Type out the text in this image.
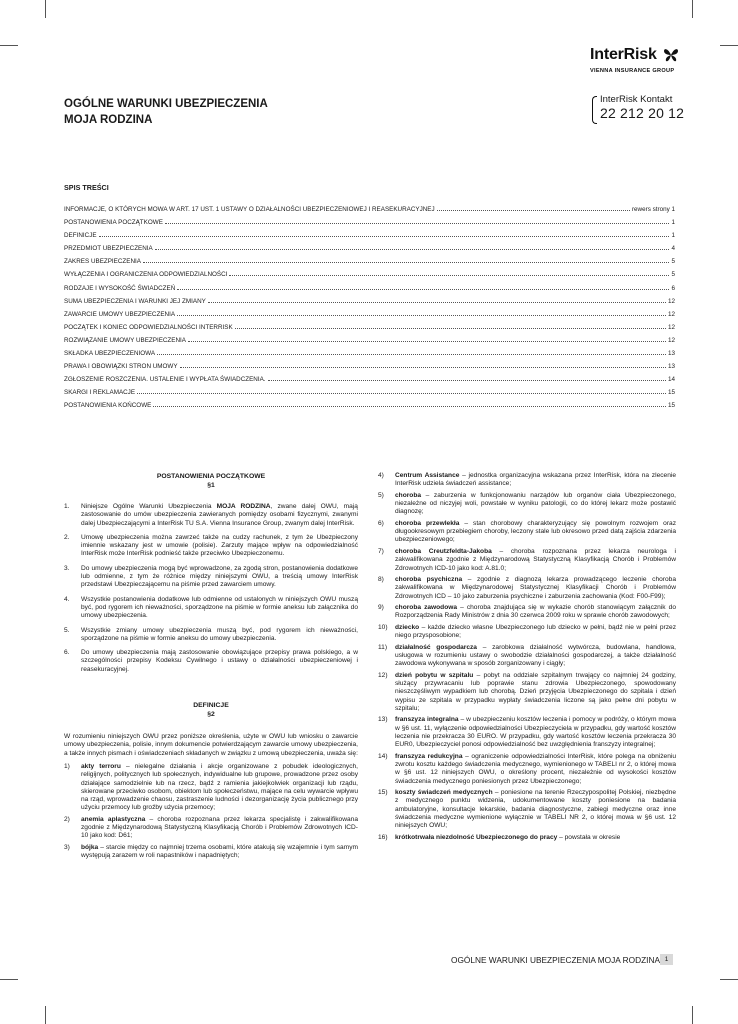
InterRisk
VIENNA INSURANCE GROUP
OGÓLNE WARUNKI UBEZPIECZENIA
MOJA RODZINA
InterRisk Kontakt
22 212 20 12
SPIS TREŚCI
INFORMACJE, O KTÓRYCH MOWA W ART. 17 UST. 1 USTAWY O DZIAŁALNOŚCI UBEZPIECZENIOWEJ I REASEKURACYJNEJ	rewers strony 1
POSTANOWIENIA POCZĄTKOWE	1
DEFINICJE	1
PRZEDMIOT UBEZPIECZENIA	4
ZAKRES UBEZPIECZENIA	5
WYŁĄCZENIA I OGRANICZENIA ODPOWIEDZIALNOŚCI	5
RODZAJE I WYSOKOŚĆ ŚWIADCZEŃ	6
SUMA UBEZPIECZENIA I WARUNKI JEJ ZMIANY	12
ZAWARCIE UMOWY UBEZPIECZENIA	12
POCZĄTEK I KONIEC ODPOWIEDZIALNOŚCI INTERRISK	12
ROZWIĄZANIE UMOWY UBEZPIECZENIA	12
SKŁADKA UBEZPIECZENIOWA	13
PRAWA I OBOWIĄZKI STRON UMOWY	13
ZGŁOSZENIE ROSZCZENIA. USTALENIE I WYPŁATA ŚWIADCZENIA.	14
SKARGI I REKLAMACJE	15
POSTANOWIENIA KOŃCOWE	15
POSTANOWIENIA POCZĄTKOWE
§1
1.	Niniejsze Ogólne Warunki Ubezpieczenia MOJA RODZINA, zwane dalej OWU, mają zastosowanie do umów ubezpieczenia zawieranych pomiędzy osobami fizycznymi, zwanymi dalej Ubezpieczającymi a InterRisk TU S.A. Vienna Insurance Group, zwanym dalej InterRisk.
2.	Umowę ubezpieczenia można zawrzeć także na cudzy rachunek, z tym że Ubezpieczony imiennie wskazany jest w umowie (polisie). Zarzuty mające wpływ na odpowiedzialność InterRisk może InterRisk podnieść także przeciwko Ubezpieczonemu.
3.	Do umowy ubezpieczenia mogą być wprowadzone, za zgodą stron, postanowienia dodatkowe lub odmienne, z tym że różnice między niniejszymi OWU, a treścią umowy InterRisk przedstawi Ubezpieczającemu na piśmie przed zawarciem umowy.
4.	Wszystkie postanowienia dodatkowe lub odmienne od ustalonych w niniejszych OWU muszą być, pod rygorem ich nieważności, sporządzone na piśmie w formie aneksu lub załącznika do umowy ubezpieczenia.
5.	Wszystkie zmiany umowy ubezpieczenia muszą być, pod rygorem ich nieważności, sporządzone na piśmie w formie aneksu do umowy ubezpieczenia.
6.	Do umowy ubezpieczenia mają zastosowanie obowiązujące przepisy prawa polskiego, a w szczególności przepisy Kodeksu Cywilnego i ustawy o działalności ubezpieczeniowej i reasekuracyjnej.
DEFINICJE
§2
W rozumieniu niniejszych OWU przez poniższe określenia, użyte w OWU lub wniosku o zawarcie umowy ubezpieczenia, polisie, innym dokumencie potwierdzającym zawarcie umowy ubezpieczenia, a także innych pismach i oświadczeniach składanych w związku z umową ubezpieczenia, uważa się:
1)	akty terroru – nielegalne działania i akcje organizowane z pobudek ideologicznych, religijnych, politycznych lub społecznych, indywidualne lub grupowe, prowadzone przez osoby działające samodzielnie lub na rzecz, bądź z ramienia jakiejkolwiek organizacji lub rządu, skierowane przeciwko osobom, obiektom lub społeczeństwu, mające na celu wywarcie wpływu na rząd, wprowadzenie chaosu, zastraszenie ludności i dezorganizację życia publicznego przy użyciu przemocy lub groźby użycia przemocy;
2)	anemia aplastyczna – choroba rozpoznana przez lekarza specjalistę i zakwalifikowana zgodnie z Międzynarodową Statystyczną Klasyfikacją Chorób i Problemów Zdrowotnych ICD-10 jako kod: D61;
3)	bójka – starcie między co najmniej trzema osobami, które atakują się wzajemnie i tym samym występują zarazem w roli napastników i napadniętych;
4)	Centrum Assistance – jednostka organizacyjna wskazana przez InterRisk, która na zlecenie InterRisk udziela świadczeń assistance;
5)	choroba – zaburzenia w funkcjonowaniu narządów lub organów ciała Ubezpieczonego, niezależne od niczyjej woli, powstałe w wyniku patologii, co do której lekarz może postawić diagnozę;
6)	choroba przewlekła – stan chorobowy charakteryzujący się powolnym rozwojem oraz długookresowym przebiegiem choroby, leczony stale lub okresowo przed datą zajścia zdarzenia ubezpieczeniowego;
7)	choroba Creutzfeldta-Jakoba – choroba rozpoznana przez lekarza neurologa i zakwalifikowana zgodnie z Międzynarodową Statystyczną Klasyfikacją Chorób i Problemów Zdrowotnych ICD-10 jako kod: A.81.0;
8)	choroba psychiczna – zgodnie z diagnozą lekarza prowadzącego leczenie choroba zakwalifikowana w Międzynarodowej Statystycznej Klasyfikacji Chorób i Problemów Zdrowotnych ICD – 10 jako zaburzenia psychiczne i zaburzenia zachowania (Kod: F00-F99);
9)	choroba zawodowa – choroba znajdująca się w wykazie chorób stanowiącym załącznik do Rozporządzenia Rady Ministrów z dnia 30 czerwca 2009 roku w sprawie chorób zawodowych;
10)	dziecko – każde dziecko własne Ubezpieczonego lub dziecko w pełni, bądź nie w pełni przez niego przysposobione;
11)	działalność gospodarcza – zarobkowa działalność wytwórcza, budowlana, handlowa, usługowa w rozumieniu ustawy o swobodzie działalności gospodarczej, a także działalność zawodowa wykonywana w sposób zorganizowany i ciągły;
12)	dzień pobytu w szpitalu – pobyt na oddziale szpitalnym trwający co najmniej 24 godziny, służący przywracaniu lub poprawie stanu zdrowia Ubezpieczonego, spowodowany nieszczęśliwym wypadkiem lub chorobą. Dzień przyjęcia Ubezpieczonego do szpitala i dzień wypisu ze szpitala w przypadku wypłaty świadczenia liczone są jako pełne dni pobytu w szpitalu;
13)	franszyza integralna – w ubezpieczeniu kosztów leczenia i pomocy w podróży, o którym mowa w §6 ust. 11, wyłączenie odpowiedzialności Ubezpieczyciela w przypadku, gdy wartość kosztów leczenia nie przekracza 30 EURO. W przypadku, gdy wartość kosztów leczenia przekracza 30 EUR0, Ubezpieczyciel ponosi odpowiedzialność bez uwzględnienia franszyzy integralnej;
14)	franszyza redukcyjna – ograniczenie odpowiedzialności InterRisk, które polega na obniżeniu zwrotu kosztu każdego świadczenia medycznego, wymienionego w TABELI nr 2, o której mowa w §6 ust. 12 niniejszych OWU, o określony procent, niezależnie od wysokości kosztów świadczenia medycznego poniesionych przez Ubezpieczonego;
15)	koszty świadczeń medycznych – poniesione na terenie Rzeczypospolitej Polskiej, niezbędne z medycznego punktu widzenia, udokumentowane koszty poniesione na badania ambulatoryjne, konsultacje lekarskie, badania diagnostyczne, zabiegi medyczne oraz inne świadczenia medyczne wymienione wyłącznie w TABELI NR 2, o której mowa w §6 ust. 12 niniejszych OWU;
16)	krótkotrwała niezdolność Ubezpieczonego do pracy – powstała w okresie
OGÓLNE WARUNKI UBEZPIECZENIA MOJA RODZINA 1
